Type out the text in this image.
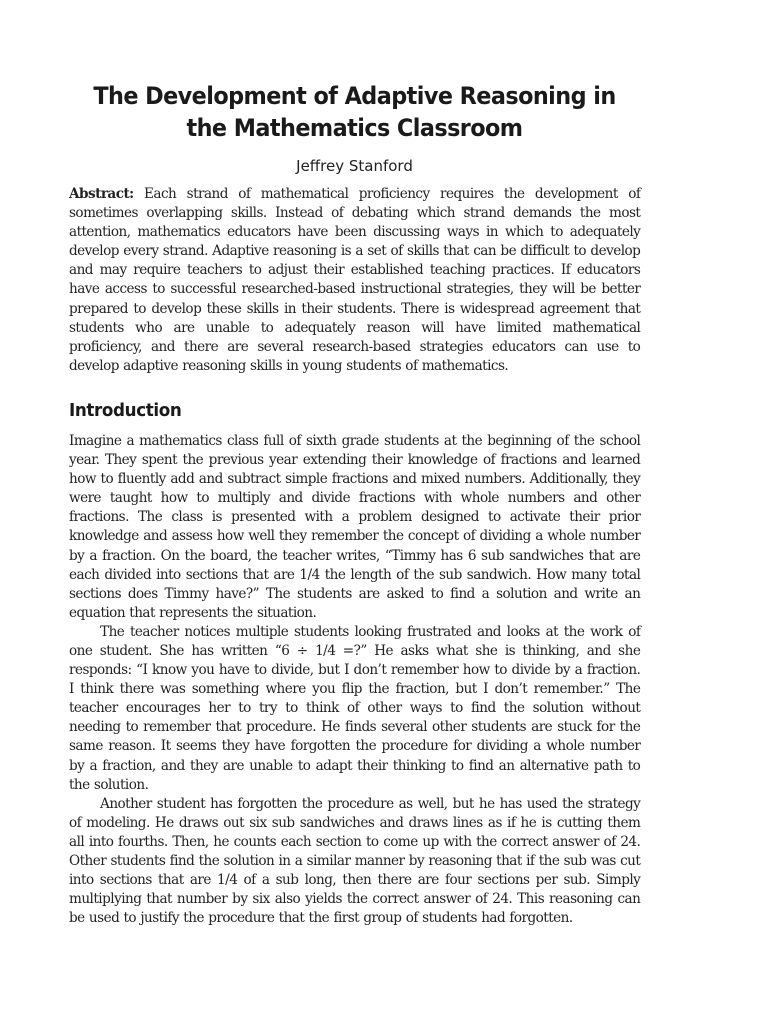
The Development of Adaptive Reasoning in the Mathematics Classroom
Jeffrey Stanford

Abstract: Each strand of mathematical proficiency requires the development of sometimes overlapping skills. Instead of debating which strand demands the most attention, mathematics educators have been discussing ways in which to adequately develop every strand. Adaptive reasoning is a set of skills that can be difficult to develop and may require teachers to adjust their established teaching practices. If educators have access to successful researched-based instructional strategies, they will be better prepared to develop these skills in their students. There is widespread agreement that students who are unable to adequately reason will have limited mathematical proficiency, and there are several research-based strategies educators can use to develop adaptive reasoning skills in young students of mathematics.

Introduction

Imagine a mathematics class full of sixth grade students at the beginning of the school year. They spent the previous year extending their knowledge of fractions and learned how to fluently add and subtract simple fractions and mixed numbers. Additionally, they were taught how to multiply and divide fractions with whole numbers and other fractions. The class is presented with a problem designed to activate their prior knowledge and assess how well they remember the concept of dividing a whole number by a fraction. On the board, the teacher writes, “Timmy has 6 sub sandwiches that are each divided into sections that are 1/4 the length of the sub sandwich. How many total sections does Timmy have?” The students are asked to find a solution and write an equation that represents the situation.

The teacher notices multiple students looking frustrated and looks at the work of one student. She has written “6 ÷ 1/4 =?” He asks what she is thinking, and she responds: “I know you have to divide, but I don’t remember how to divide by a fraction. I think there was something where you flip the fraction, but I don’t remember.” The teacher encourages her to try to think of other ways to find the solution without needing to remember that procedure. He finds several other students are stuck for the same reason. It seems they have forgotten the procedure for dividing a whole number by a fraction, and they are unable to adapt their thinking to find an alternative path to the solution.

Another student has forgotten the procedure as well, but he has used the strategy of modeling. He draws out six sub sandwiches and draws lines as if he is cutting them all into fourths. Then, he counts each section to come up with the correct answer of 24. Other students find the solution in a similar manner by reasoning that if the sub was cut into sections that are 1/4 of a sub long, then there are four sections per sub. Simply multiplying that number by six also yields the correct answer of 24. This reasoning can be used to justify the procedure that the first group of students had forgotten.
